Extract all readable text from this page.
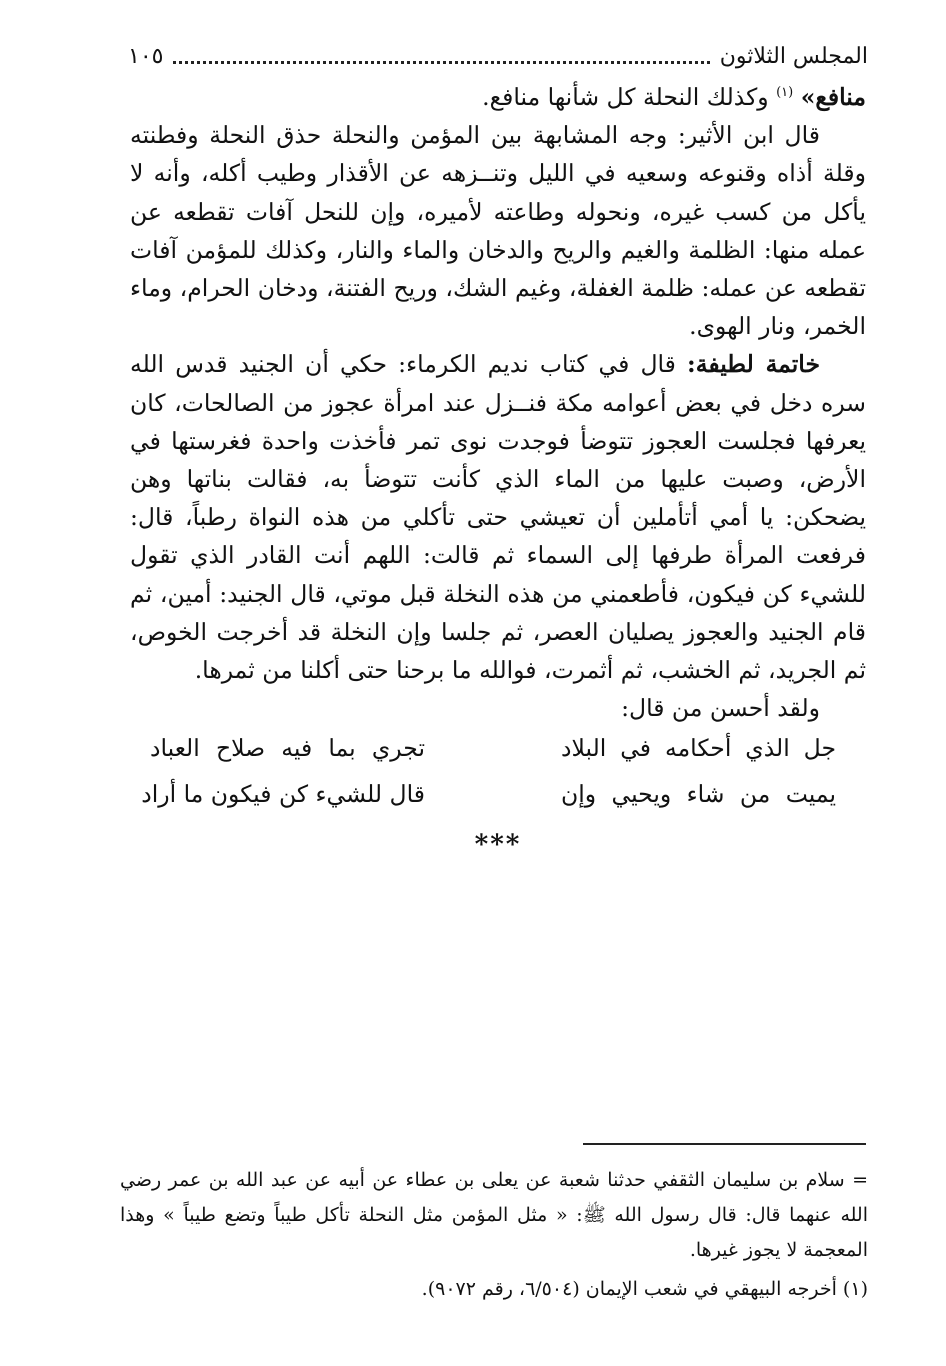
المجلس الثلاثون
١٠٥

منافع» $^{(١)}$ وكذلك النحلة كل شأنها منافع.

قال ابن الأثير: وجه المشابهة بين المؤمن والنحلة حذق النحلة وفطنته وقلة أذاه وقنوعه وسعيه في الليل وتنــزهه عن الأقذار وطيب أكله، وأنه لا يأكل من كسب غيره، ونحوله وطاعته لأميره، وإن للنحل آفات تقطعه عن عمله منها: الظلمة والغيم والريح والدخان والماء والنار، وكذلك للمؤمن آفات تقطعه عن عمله: ظلمة الغفلة، وغيم الشك، وريح الفتنة، ودخان الحرام، وماء الخمر، ونار الهوى.

خاتمة لطيفة: قال في كتاب نديم الكرماء: حكي أن الجنيد قدس الله سره دخل في بعض أعوامه مكة فنــزل عند امرأة عجوز من الصالحات، كان يعرفها فجلست العجوز تتوضأ فوجدت نوى تمر فأخذت واحدة فغرستها في الأرض، وصبت عليها من الماء الذي كأنت تتوضأ به، فقالت بناتها وهن يضحكن: يا أمي أتأملين أن تعيشي حتى تأكلي من هذه النواة رطباً، قال: فرفعت المرأة طرفها إلى السماء ثم قالت: اللهم أنت القادر الذي تقول للشيء كن فيكون، فأطعمني من هذه النخلة قبل موتي، قال الجنيد: أمين، ثم قام الجنيد والعجوز يصليان العصر، ثم جلسا وإن النخلة قد أخرجت الخوص، ثم الجريد، ثم الخشب، ثم أثمرت، فوالله ما برحنا حتى أكلنا من ثمرها.

ولقد أحسن من قال:

جل الذي أحكامه في البلاد
تجري بما فيه صلاح العباد
يميت من شاء ويحيي وإن
قال للشيء كن فيكون ما أراد
***

= سلام بن سليمان الثقفي حدثنا شعبة عن يعلى بن عطاء عن أبيه عن عبد الله بن عمر رضي الله عنهما قال: قال رسول الله ﷺ: « مثل المؤمن مثل النحلة تأكل طيباً وتضع طيباً » وهذا المعجمة لا يجوز غيرها.

(١) أخرجه البيهقي في شعب الإيمان (٦/٥٠٤، رقم ٩٠٧٢).
